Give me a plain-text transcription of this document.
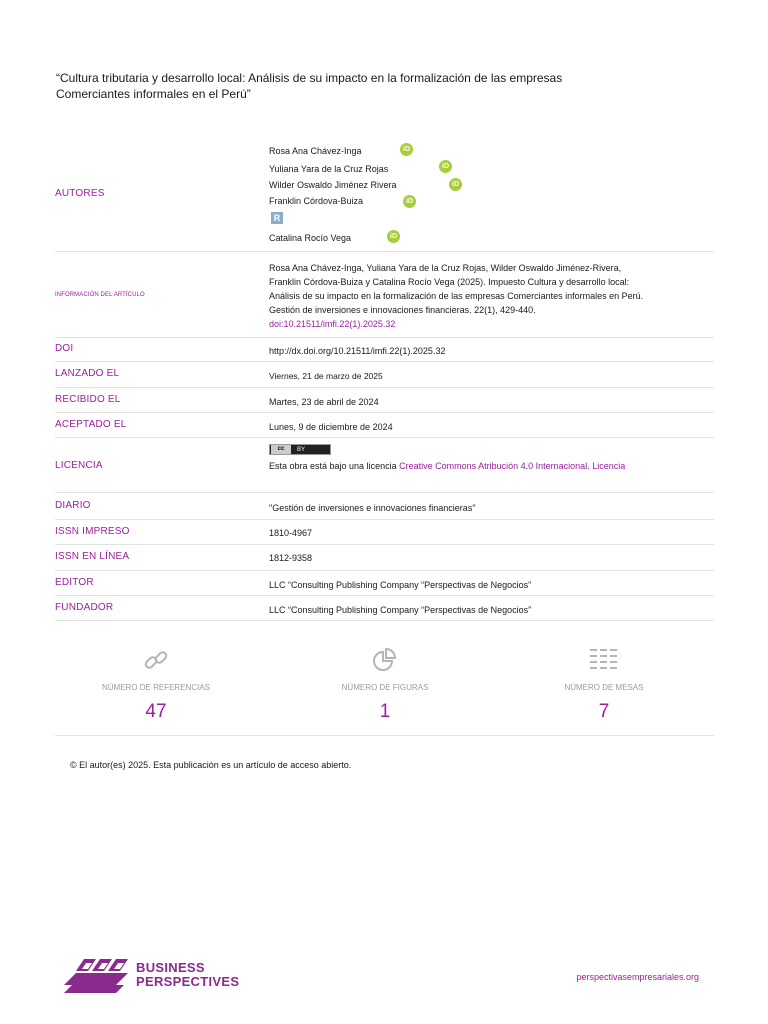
“Cultura tributaria y desarrollo local: Análisis de su impacto en la formalización de las empresas Comerciantes informales en el Perú”
AUTORES
Rosa Ana Chávez-Inga	iD
Yuliana Yara de la Cruz Rojas	iD
Wilder Oswaldo Jiménez Rivera	iD
Franklin Córdova-Buiza	iD
R
Catalina Rocío Vega	iD
INFORMACIÓN DEL ARTÍCULO
Rosa Ana Chávez-Inga, Yuliana Yara de la Cruz Rojas, Wilder Oswaldo Jiménez-Rivera, Franklin Córdova-Buiza y Catalina Rocío Vega (2025). Impuesto Cultura y desarrollo local: Análisis de su impacto en la formalización de las empresas Comerciantes informales en Perú. Gestión de inversiones e innovaciones financieras. 22(1), 429-440. doi:10.21511/imfi.22(1).2025.32
DOI	http://dx.doi.org/10.21511/imfi.22(1).2025.32
LANZADO EL	Viernes, 21 de marzo de 2025
RECIBIDO EL	Martes, 23 de abril de 2024
ACEPTADO EL	Lunes, 9 de diciembre de 2024
LICENCIA
cc	BY
Esta obra está bajo una licencia Creative Commons Atribución 4.0 Internacional. Licencia
DIARIO	"Gestión de inversiones e innovaciones financieras"
ISSN IMPRESO	1810-4967
ISSN EN LÍNEA	1812-9358
EDITOR	LLC “Consulting Publishing Company “Perspectivas de Negocios”
FUNDADOR	LLC “Consulting Publishing Company “Perspectivas de Negocios”
NÚMERO DE REFERENCIAS
47
NÚMERO DE FIGURAS
1
NÚMERO DE MESAS
7
© El autor(es) 2025. Esta publicación es un artículo de acceso abierto.
BUSINESS
PERSPECTIVES	perspectivasempresariales.org
